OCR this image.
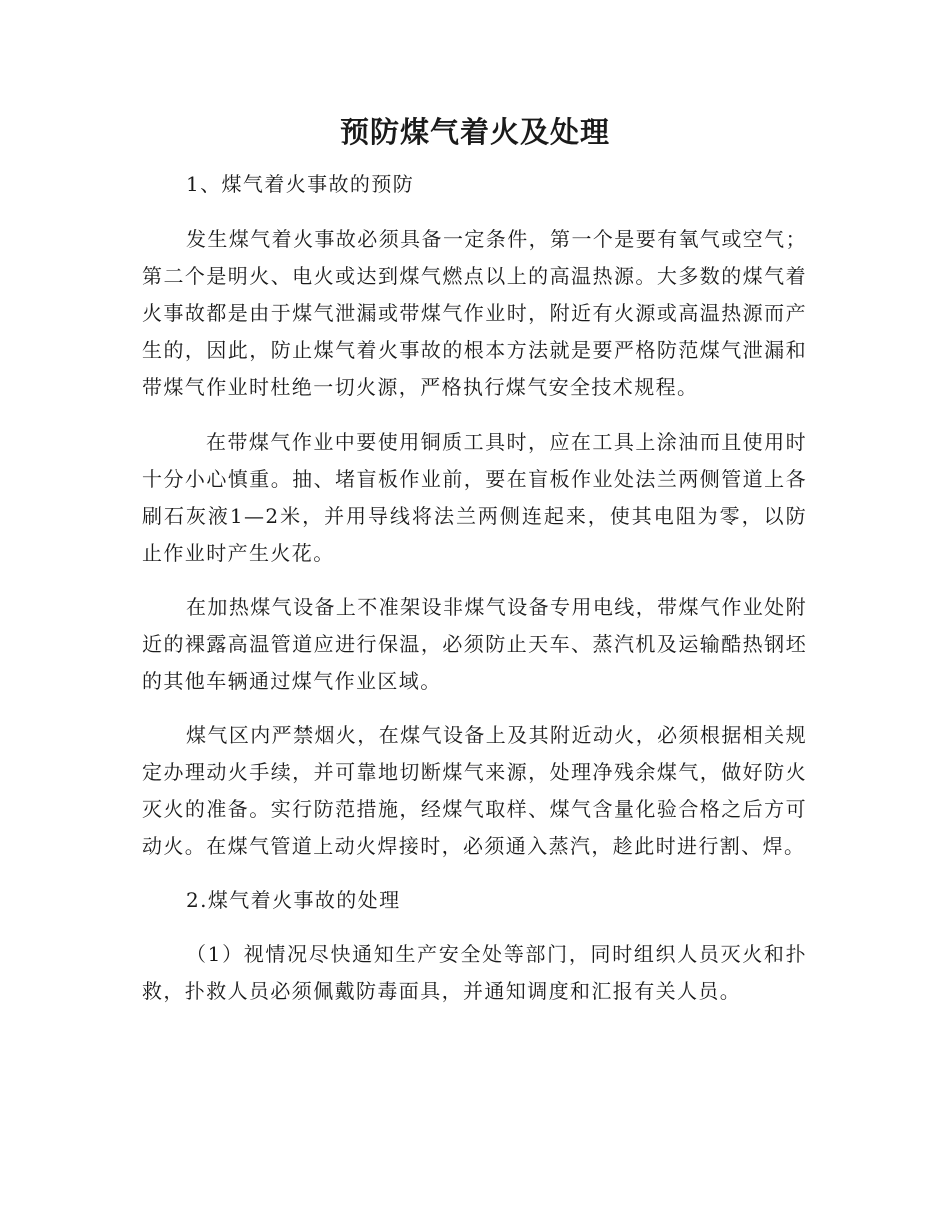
预防煤气着火及处理

1、煤气着火事故的预防

发生煤气着火事故必须具备一定条件，第一个是要有氧气或空气；第二个是明火、电火或达到煤气燃点以上的高温热源。大多数的煤气着火事故都是由于煤气泄漏或带煤气作业时，附近有火源或高温热源而产生的，因此，防止煤气着火事故的根本方法就是要严格防范煤气泄漏和带煤气作业时杜绝一切火源，严格执行煤气安全技术规程。

在带煤气作业中要使用铜质工具时，应在工具上涂油而且使用时十分小心慎重。抽、堵盲板作业前，要在盲板作业处法兰两侧管道上各刷石灰液1—2米，并用导线将法兰两侧连起来，使其电阻为零，以防止作业时产生火花。

在加热煤气设备上不准架设非煤气设备专用电线，带煤气作业处附近的裸露高温管道应进行保温，必须防止天车、蒸汽机及运输酷热钢坯的其他车辆通过煤气作业区域。

煤气区内严禁烟火，在煤气设备上及其附近动火，必须根据相关规定办理动火手续，并可靠地切断煤气来源，处理净残余煤气，做好防火灭火的准备。实行防范措施，经煤气取样、煤气含量化验合格之后方可动火。在煤气管道上动火焊接时，必须通入蒸汽，趁此时进行割、焊。

2.煤气着火事故的处理

（1）视情况尽快通知生产安全处等部门，同时组织人员灭火和扑救，扑救人员必须佩戴防毒面具，并通知调度和汇报有关人员。
